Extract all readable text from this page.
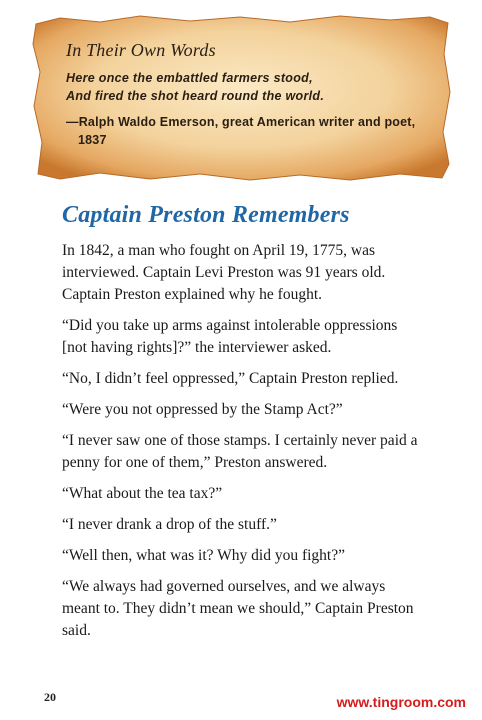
In Their Own Words
Here once the embattled farmers stood,
And fired the shot heard round the world.
—Ralph Waldo Emerson, great American writer and poet, 1837
Captain Preston Remembers

In 1842, a man who fought on April 19, 1775, was interviewed. Captain Levi Preston was 91 years old. Captain Preston explained why he fought.

“Did you take up arms against intolerable oppressions [not having rights]?” the interviewer asked.

“No, I didn’t feel oppressed,” Captain Preston replied.

“Were you not oppressed by the Stamp Act?”

“I never saw one of those stamps. I certainly never paid a penny for one of them,” Preston answered.

“What about the tea tax?”

“I never drank a drop of the stuff.”

“Well then, what was it? Why did you fight?”

“We always had governed ourselves, and we always meant to. They didn’t mean we should,” Captain Preston said.

20	www.tingroom.com
